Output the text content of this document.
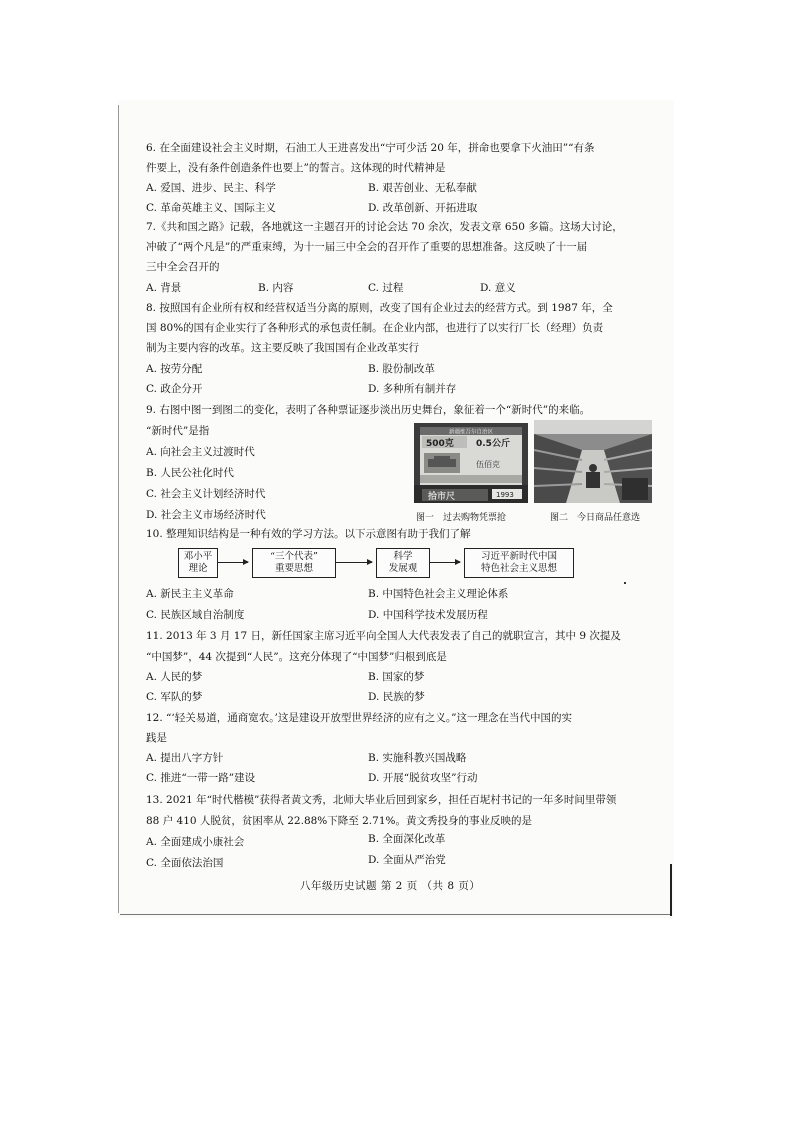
6. 在全面建设社会主义时期，石油工人王进喜发出“宁可少活 20 年，拼命也要拿下火油田”“有条
件要上，没有条件创造条件也要上”的誓言。这体现的时代精神是
A. 爱国、进步、民主、科学	B. 艰苦创业、无私奉献
C. 革命英雄主义、国际主义	D. 改革创新、开拓进取
7.《共和国之路》记载，各地就这一主题召开的讨论会达 70 余次，发表文章 650 多篇。这场大讨论，
冲破了“两个凡是”的严重束缚，为十一届三中全会的召开作了重要的思想准备。这反映了十一届
三中全会召开的
A. 背景	B. 内容	C. 过程	D. 意义
8. 按照国有企业所有权和经营权适当分离的原则，改变了国有企业过去的经营方式。到 1987 年，全
国 80%的国有企业实行了各种形式的承包责任制。在企业内部，也进行了以实行厂长（经理）负责
制为主要内容的改革。这主要反映了我国国有企业改革实行
A. 按劳分配	B. 股份制改革
C. 政企分开	D. 多种所有制并存
9. 右图中图一到图二的变化，表明了各种票证逐步淡出历史舞台，象征着一个“新时代”的来临。
“新时代”是指
A. 向社会主义过渡时代
B. 人民公社化时代
C. 社会主义计划经济时代
D. 社会主义市场经济时代
新疆维吾尔自治区
500克 0.5公斤
伍佰克
拾市尺	1993
图一　过去购物凭票抢	图二　今日商品任意选
10. 整理知识结构是一种有效的学习方法。以下示意图有助于我们了解
邓小平
理论
“三个代表”
重要思想
科学
发展观
习近平新时代中国
特色社会主义思想
A. 新民主主义革命	B. 中国特色社会主义理论体系
C. 民族区域自治制度	D. 中国科学技术发展历程
11. 2013 年 3 月 17 日，新任国家主席习近平向全国人大代表发表了自己的就职宣言，其中 9 次提及
“中国梦”，44 次提到“人民”。这充分体现了“中国梦”归根到底是
A. 人民的梦	B. 国家的梦
C. 军队的梦	D. 民族的梦
12. “‘轻关易道，通商宽农。’这是建设开放型世界经济的应有之义。”这一理念在当代中国的实
践是
A. 提出八字方针	B. 实施科教兴国战略
C. 推进“一带一路”建设	D. 开展“脱贫攻坚”行动
13. 2021 年“时代楷模”获得者黄文秀，北师大毕业后回到家乡，担任百坭村书记的一年多时间里带领
88 户 410 人脱贫，贫困率从 22.88%下降至 2.71%。黄文秀投身的事业反映的是
A. 全面建成小康社会	B. 全面深化改革
C. 全面依法治国	D. 全面从严治党
八年级历史试题 第 2 页 （共 8 页）
